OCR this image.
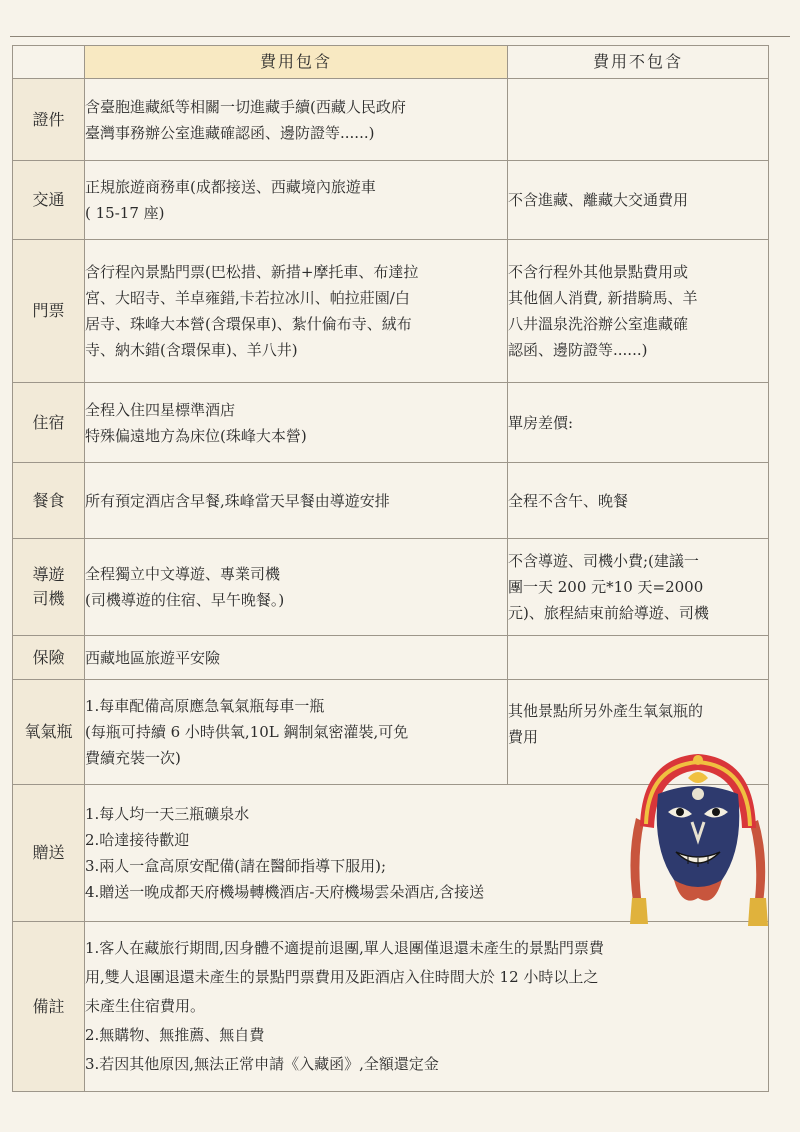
	費用包含	費用不包含

證件	含臺胞進藏紙等相關一切進藏手續(西藏人民政府
臺灣事務辦公室進藏確認函、邊防證等......)	

交通	正規旅遊商務車(成都接送、西藏境內旅遊車
( 15-17 座)	不含進藏、離藏大交通費用

門票	含行程內景點門票(巴松措、新措+摩托車、布達拉
宮、大昭寺、羊卓雍錯,卡若拉冰川、帕拉莊園/白
居寺、珠峰大本營(含環保車)、紮什倫布寺、絨布
寺、納木錯(含環保車)、羊八井)	不含行程外其他景點費用或
其他個人消費, 新措騎馬、羊
八井溫泉洗浴辦公室進藏確
認函、邊防證等......)

住宿	全程入住四星標準酒店
特殊偏遠地方為床位(珠峰大本營)	單房差價:

餐食	所有預定酒店含早餐,珠峰當天早餐由導遊安排	全程不含午、晚餐

導遊
司機	全程獨立中文導遊、專業司機
(司機導遊的住宿、早午晚餐。)	不含導遊、司機小費;(建議一
團一天 200 元*10 天=2000
元)、旅程結束前給導遊、司機

保險	西藏地區旅遊平安險	

氧氣瓶	1.每車配備高原應急氧氣瓶每車一瓶
(每瓶可持續 6 小時供氧,10L 鋼制氣密灌裝,可免
費續充裝一次)	其他景點所另外產生氧氣瓶的
費用

贈送	1.每人均一天三瓶礦泉水
2.哈達接待歡迎
3.兩人一盒高原安配備(請在醫師指導下服用);
4.贈送一晚成都天府機場轉機酒店-天府機場雲朵酒店,含接送	

備註	1.客人在藏旅行期間,因身體不適提前退團,單人退團僅退還未產生的景點門票費
用,雙人退團退還未產生的景點門票費用及距酒店入住時間大於 12 小時以上之
未產生住宿費用。
2.無購物、無推薦、無自費
3.若因其他原因,無法正常申請《入藏函》,全額還定金	
